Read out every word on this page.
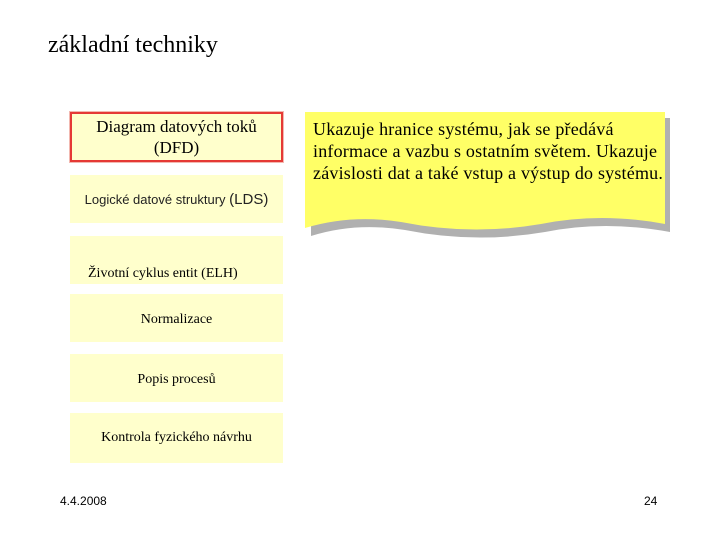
základní techniky
Diagram datových toků (DFD)
Logické datové struktury (LDS)
Životní cyklus entit (ELH)
Normalizace
Popis procesů
Kontrola fyzického návrhu
Ukazuje hranice systému, jak se předává informace a vazbu s ostatním světem. Ukazuje závislosti dat a také vstup a výstup do systému.
4.4.2008	24
